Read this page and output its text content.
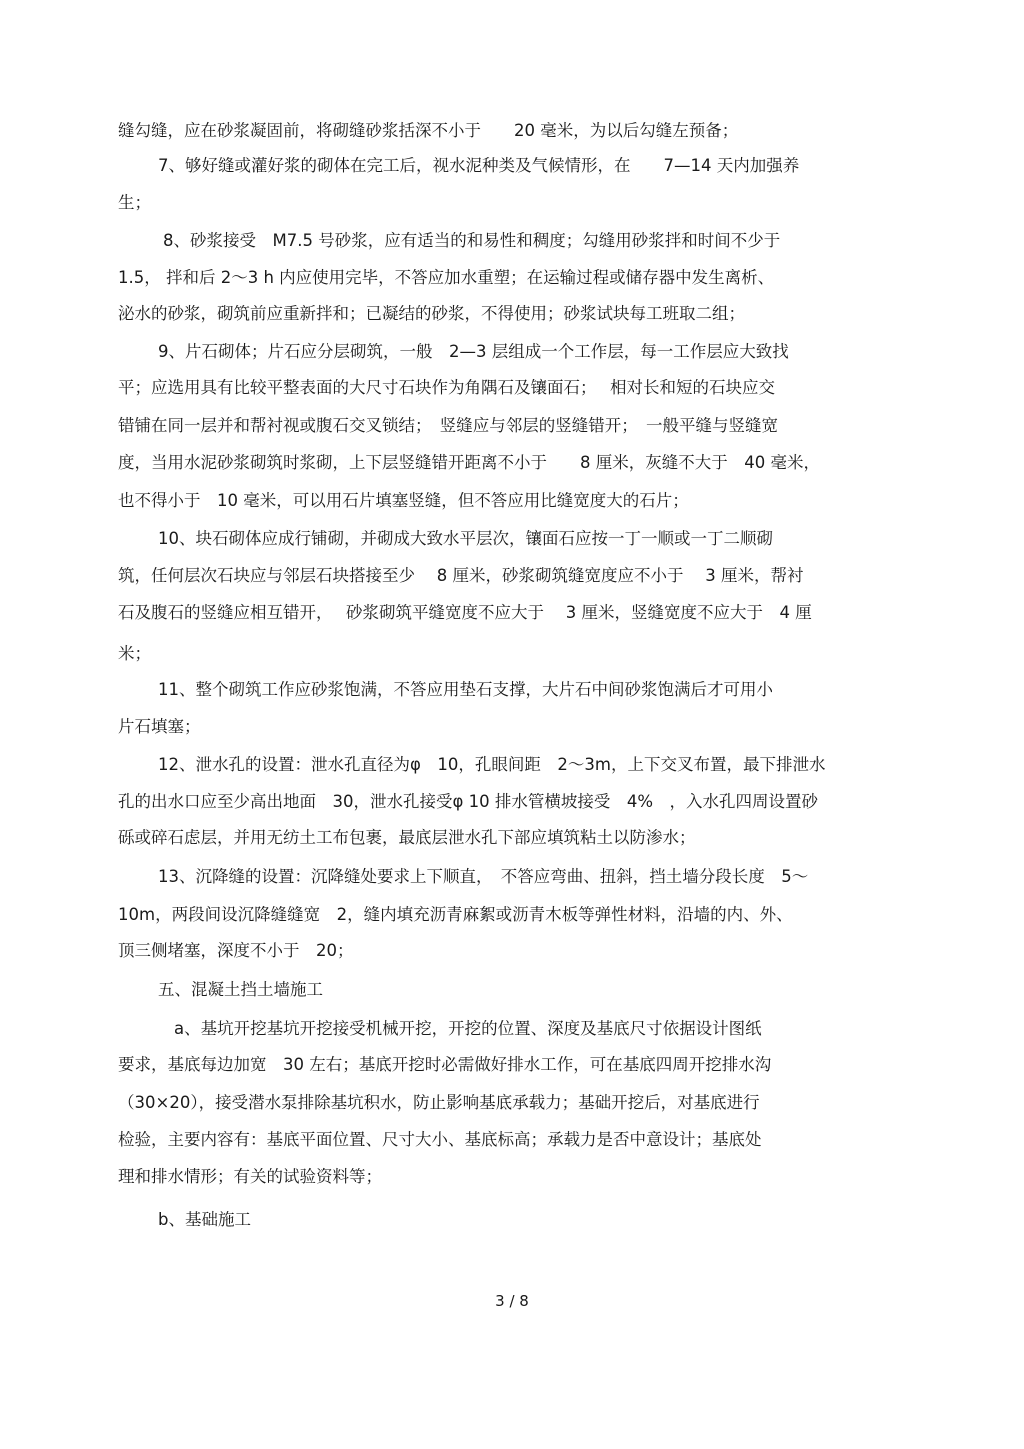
缝勾缝，应在砂浆凝固前，将砌缝砂浆括深不小于　　20 毫米，为以后勾缝左预备；
7、够好缝或灌好浆的砌体在完工后，视水泥种类及气候情形，在　　7—14 天内加强养
生；
8、砂浆接受　M7.5 号砂浆，应有适当的和易性和稠度；勾缝用砂浆拌和时间不少于
1.5， 拌和后 2～3 h 内应使用完毕，不答应加水重塑；在运输过程或储存器中发生离析、
泌水的砂浆，砌筑前应重新拌和；已凝结的砂浆，不得使用；砂浆试块每工班取二组；
9、片石砌体；片石应分层砌筑，一般　2—3 层组成一个工作层，每一工作层应大致找
平；应选用具有比较平整表面的大尺寸石块作为角隅石及镶面石；　 相对长和短的石块应交
错铺在同一层并和帮衬视或腹石交叉锁结；　竖缝应与邻层的竖缝错开；　一般平缝与竖缝宽
度，当用水泥砂浆砌筑时浆砌，上下层竖缝错开距离不小于　　8 厘米，灰缝不大于　40 毫米，
也不得小于　10 毫米，可以用石片填塞竖缝，但不答应用比缝宽度大的石片；
10、块石砌体应成行铺砌，并砌成大致水平层次，镶面石应按一丁一顺或一丁二顺砌
筑，任何层次石块应与邻层石块搭接至少　 8 厘米，砂浆砌筑缝宽度应不小于　 3 厘米，帮衬
石及腹石的竖缝应相互错开，　 砂浆砌筑平缝宽度不应大于　 3 厘米，竖缝宽度不应大于　4 厘
米；
11、整个砌筑工作应砂浆饱满，不答应用垫石支撑，大片石中间砂浆饱满后才可用小
片石填塞；
12、泄水孔的设置：泄水孔直径为φ　10，孔眼间距　2～3m，上下交叉布置，最下排泄水
孔的出水口应至少高出地面　30，泄水孔接受φ 10 排水管横坡接受　4%　，入水孔四周设置砂
砾或碎石虑层，并用无纺土工布包裹，最底层泄水孔下部应填筑粘土以防渗水；
13、沉降缝的设置：沉降缝处要求上下顺直，　不答应弯曲、扭斜，挡土墙分段长度　5～
10m，两段间设沉降缝缝宽　2，缝内填充沥青麻絮或沥青木板等弹性材料，沿墙的内、外、
顶三侧堵塞，深度不小于　20；
五、混凝土挡土墙施工
a、基坑开挖基坑开挖接受机械开挖，开挖的位置、深度及基底尺寸依据设计图纸
要求，基底每边加宽　30 左右；基底开挖时必需做好排水工作，可在基底四周开挖排水沟
（30×20），接受潜水泵排除基坑积水，防止影响基底承载力；基础开挖后，对基底进行
检验，主要内容有：基底平面位置、尺寸大小、基底标高；承载力是否中意设计；基底处
理和排水情形；有关的试验资料等；
b、基础施工
3 / 8
